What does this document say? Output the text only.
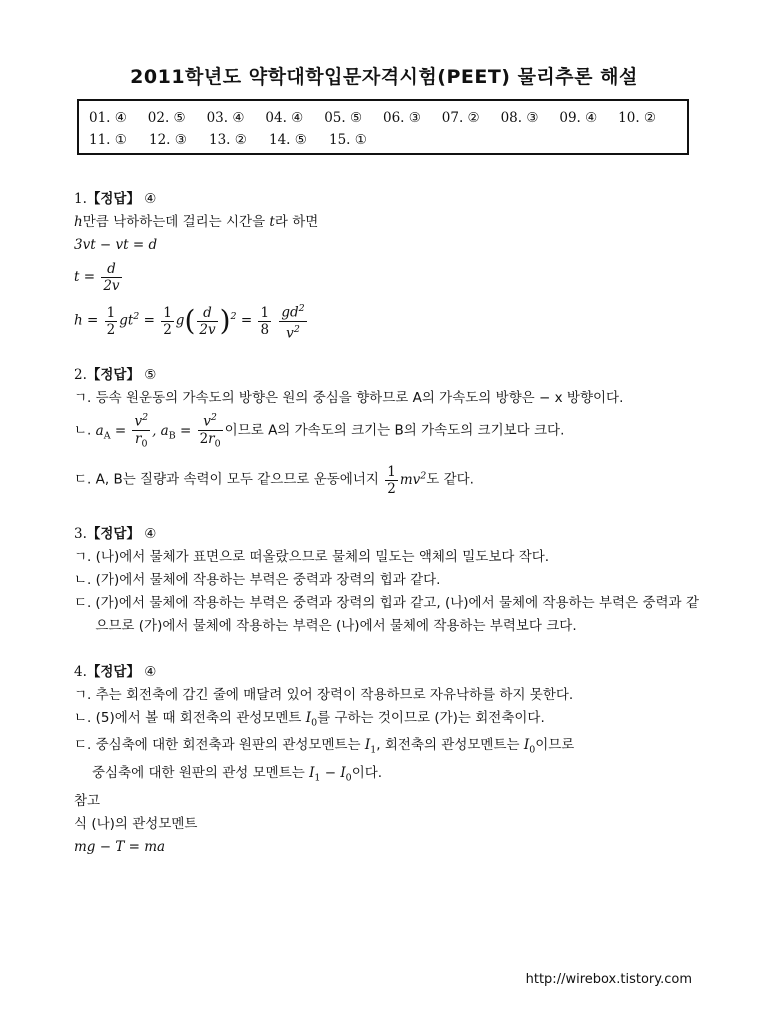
2011학년도 약학대학입문자격시험(PEET) 물리추론 해설
01. ④	02. ⑤	03. ④	04. ④	05. ⑤	06. ③	07. ②	08. ③	09. ④	10. ②
11. ①	12. ③	13. ②	14. ⑤	15. ①
1.【정답】 ④
h만큼 낙하하는데 걸리는 시간을 t라 하면
3vt − vt = d
$t = \frac{d}{2v}$
$h = \frac{1}{2} gt^2 = \frac{1}{2} g( \frac{d}{2v} )^2 = \frac{1}{8}$
$\frac{gd^2}{v^2}$
2.【정답】 ⑤
ㄱ. 등속 원운동의 가속도의 방향은 원의 중심을 향하므로 A의 가속도의 방향은 − x 방향이다.
ㄴ. $a_A = \frac{v^2}{r_0}$ , $a_B = \frac{v^2}{2r_0}$ 이므로 A의 가속도의 크기는 B의 가속도의 크기보다 크다.
ㄷ. A, B는 질량과 속력이 모두 같으므로 운동에너지 $\frac{1}{2} mv^2$도 같다.
3.【정답】 ④
ㄱ. (나)에서 물체가 표면으로 떠올랐으므로 물체의 밀도는 액체의 밀도보다 작다.
ㄴ. (가)에서 물체에 작용하는 부력은 중력과 장력의 힙과 같다.
ㄷ. (가)에서 물체에 작용하는 부력은 중력과 장력의 힙과 같고, (나)에서 물체에 작용하는 부력은 중력과 같으므로 (가)에서 물체에 작용하는 부력은 (나)에서 물체에 작용하는 부력보다 크다.
4.【정답】 ④
ㄱ. 추는 회전축에 감긴 줄에 매달려 있어 장력이 작용하므로 자유낙하를 하지 못한다.
ㄴ. (5)에서 볼 때 회전축의 관성모멘트 $I_0$를 구하는 것이므로 (가)는 회전축이다.
ㄷ. 중심축에 대한 회전축과 원판의 관성모멘트는 $I_1$, 회전축의 관성모멘트는 $I_0$이므로
중심축에 대한 원판의 관성 모멘트는 $I_1 - I_0$이다.
참고
식 (나)의 관성모멘트
mg − T = ma
http://wirebox.tistory.com
